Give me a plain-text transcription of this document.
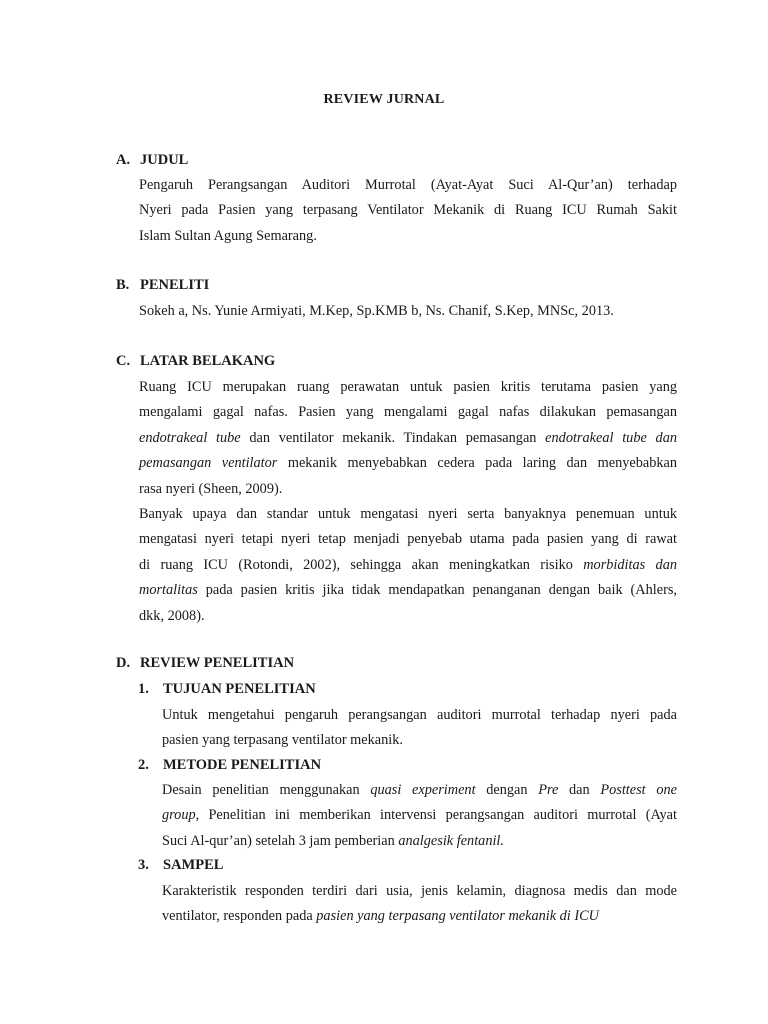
REVIEW JURNAL
A. JUDUL
Pengaruh Perangsangan Auditori Murrotal (Ayat-Ayat Suci Al-Qur’an) terhadap
Nyeri pada Pasien yang terpasang Ventilator Mekanik di Ruang ICU Rumah Sakit
Islam Sultan Agung Semarang.
B. PENELITI
Sokeh a, Ns. Yunie Armiyati, M.Kep, Sp.KMB b, Ns. Chanif, S.Kep, MNSc, 2013.
C. LATAR BELAKANG
Ruang ICU merupakan ruang perawatan untuk pasien kritis terutama pasien yang
mengalami gagal nafas. Pasien yang mengalami gagal nafas dilakukan pemasangan
endotrakeal tube dan ventilator mekanik. Tindakan pemasangan endotrakeal tube dan
pemasangan ventilator mekanik menyebabkan cedera pada laring dan menyebabkan
rasa nyeri (Sheen, 2009).
Banyak upaya dan standar untuk mengatasi nyeri serta banyaknya penemuan untuk
mengatasi nyeri tetapi nyeri tetap menjadi penyebab utama pada pasien yang di rawat
di ruang ICU (Rotondi, 2002), sehingga akan meningkatkan risiko morbiditas dan
mortalitas pada pasien kritis jika tidak mendapatkan penanganan dengan baik (Ahlers,
dkk, 2008).
D. REVIEW PENELITIAN
1. TUJUAN PENELITIAN
Untuk mengetahui pengaruh perangsangan auditori murrotal terhadap nyeri pada
pasien yang terpasang ventilator mekanik.
2. METODE PENELITIAN
Desain penelitian menggunakan quasi experiment dengan Pre dan Posttest one
group, Penelitian ini memberikan intervensi perangsangan auditori murrotal (Ayat
Suci Al-qur’an) setelah 3 jam pemberian analgesik fentanil.
3. SAMPEL
Karakteristik responden terdiri dari usia, jenis kelamin, diagnosa medis dan mode
ventilator, responden pada pasien yang terpasang ventilator mekanik di ICU
